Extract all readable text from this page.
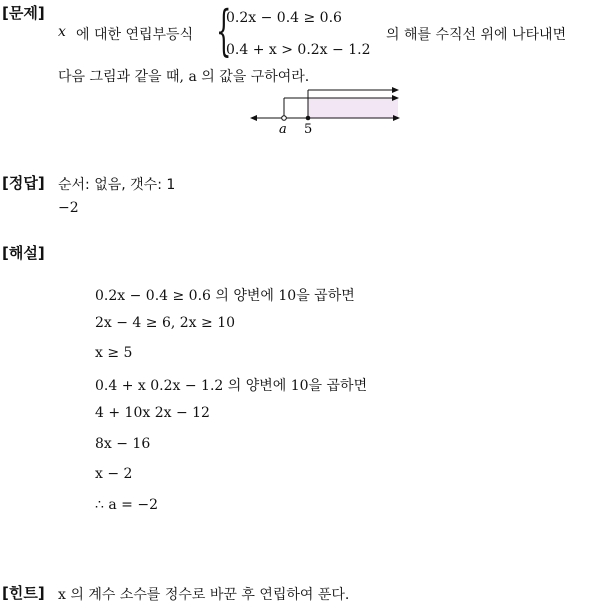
[문제]
x 에 대한 연립부등식 {
0.2x − 0.4 ≥ 0.6
0.4 + x > 0.2x − 1.2
의 해를 수직선 위에 나타내면
다음 그림과 같을 때, a 의 값을 구하여라.
a 5
[정답] 순서: 없음, 갯수: 1
−2
[해설]
0.2x − 0.4 ≥ 0.6 의 양변에 10을 곱하면
2x − 4 ≥ 6, 2x ≥ 10
x ≥ 5
0.4 + x 0.2x − 1.2 의 양변에 10을 곱하면
4 + 10x 2x − 12
8x − 16
x − 2
∴ a = −2
[힌트] x 의 계수 소수를 정수로 바꾼 후 연립하여 푼다.
